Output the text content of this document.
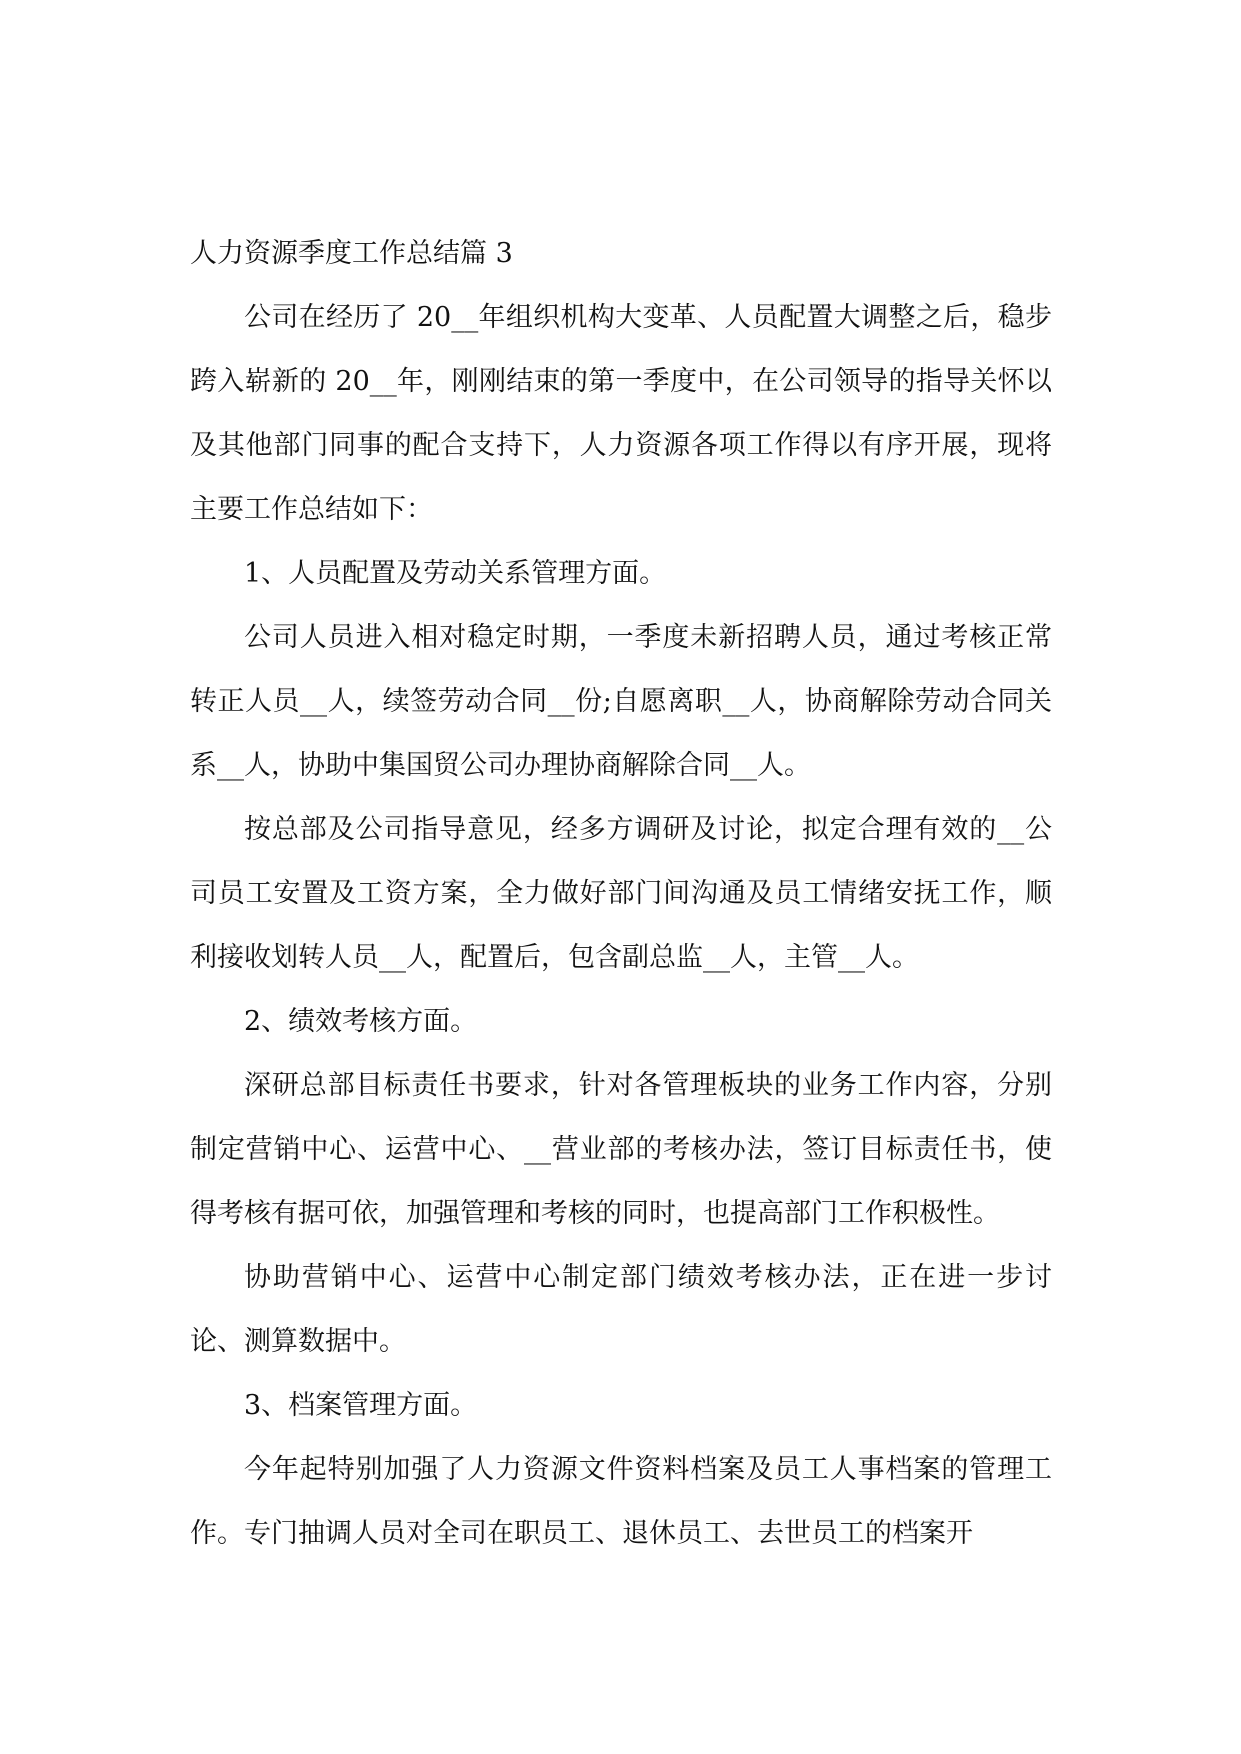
人力资源季度工作总结篇 3

公司在经历了 20__年组织机构大变革、人员配置大调整之后，稳步跨入崭新的 20__年，刚刚结束的第一季度中，在公司领导的指导关怀以及其他部门同事的配合支持下，人力资源各项工作得以有序开展，现将主要工作总结如下：

1、人员配置及劳动关系管理方面。

公司人员进入相对稳定时期，一季度未新招聘人员，通过考核正常转正人员__人，续签劳动合同__份;自愿离职__人，协商解除劳动合同关系__人，协助中集国贸公司办理协商解除合同__人。

按总部及公司指导意见，经多方调研及讨论，拟定合理有效的__公司员工安置及工资方案，全力做好部门间沟通及员工情绪安抚工作，顺利接收划转人员__人，配置后，包含副总监__人，主管__人。

2、绩效考核方面。

深研总部目标责任书要求，针对各管理板块的业务工作内容，分别制定营销中心、运营中心、__营业部的考核办法，签订目标责任书，使得考核有据可依，加强管理和考核的同时，也提高部门工作积极性。

协助营销中心、运营中心制定部门绩效考核办法，正在进一步讨论、测算数据中。

3、档案管理方面。

今年起特别加强了人力资源文件资料档案及员工人事档案的管理工作。专门抽调人员对全司在职员工、退休员工、去世员工的档案开
